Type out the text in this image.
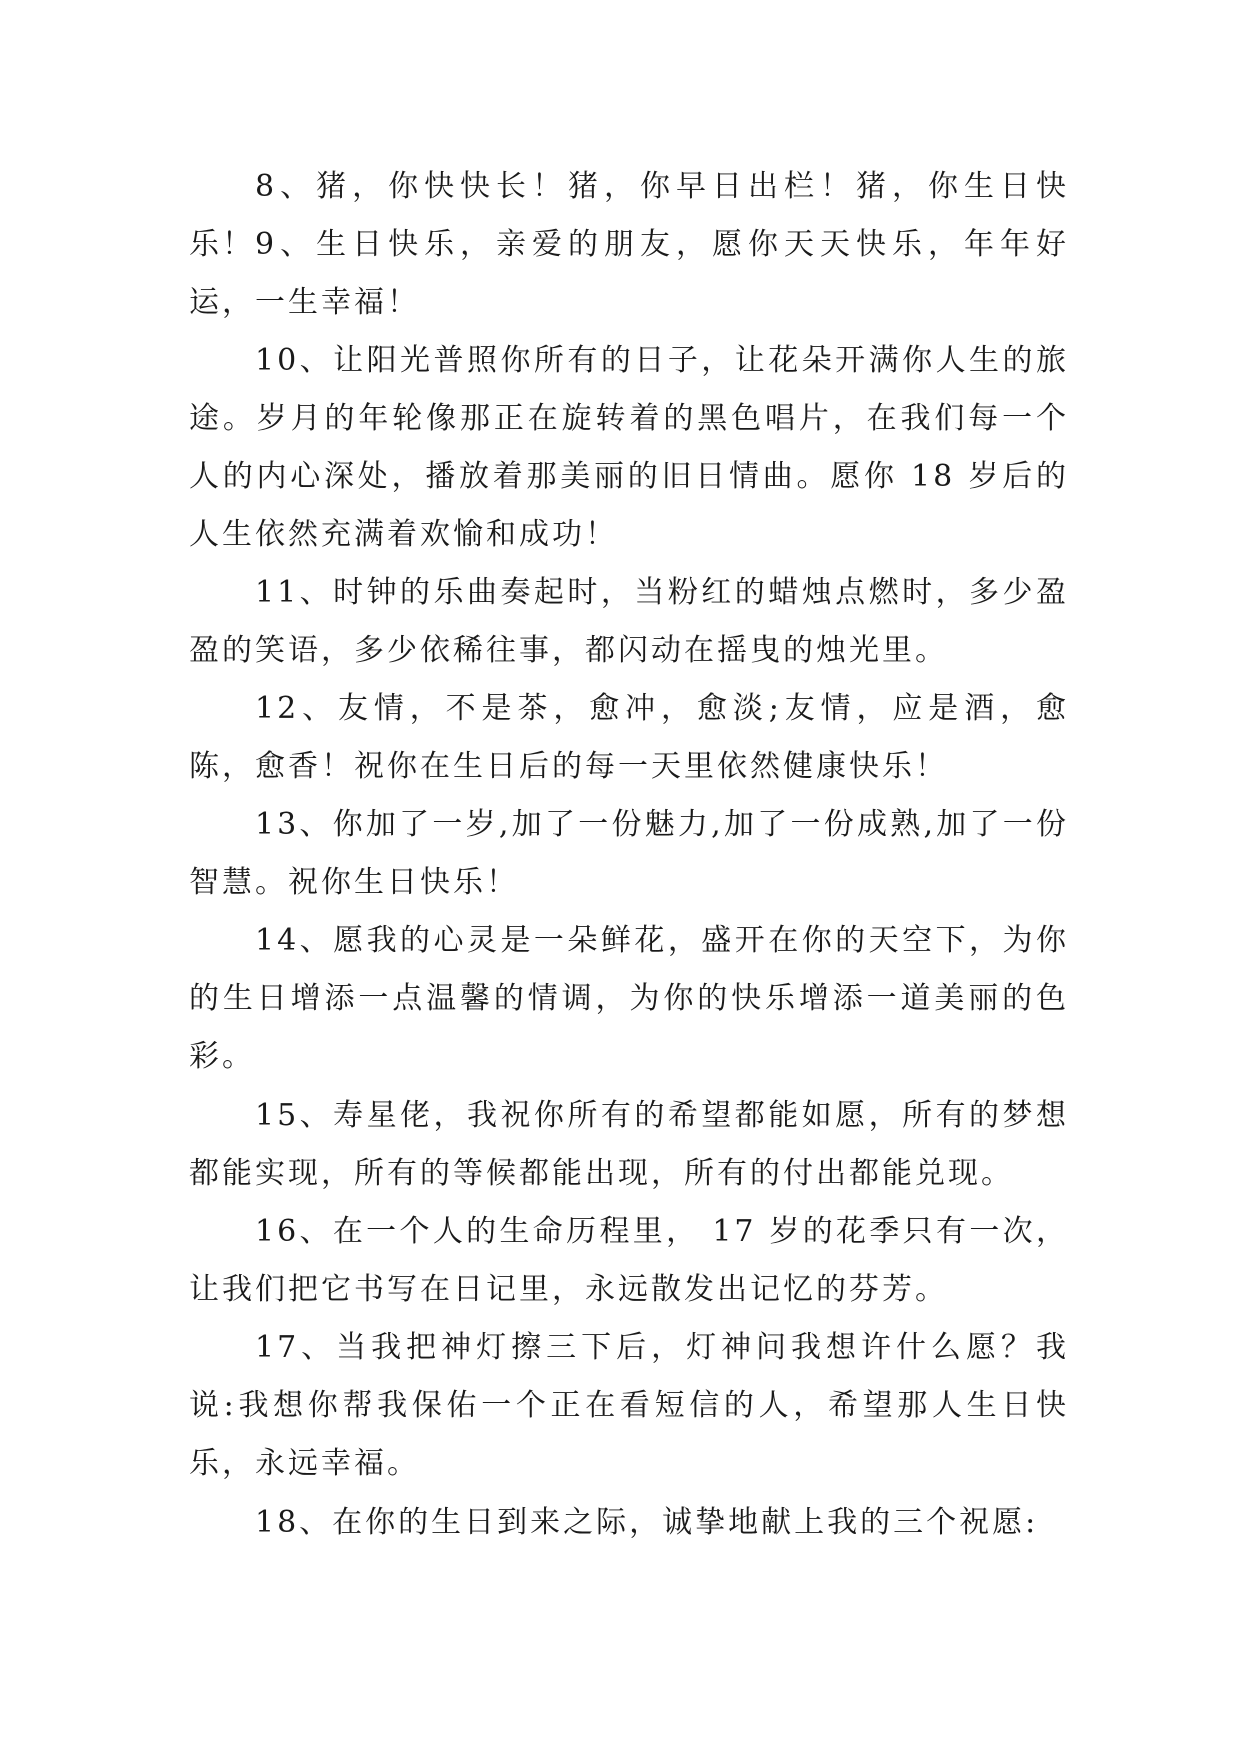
8、猪，你快快长！猪，你早日出栏！猪，你生日快乐！ 9、生日快乐，亲爱的朋友，愿你天天快乐，年年好运，一生幸福！

10、让阳光普照你所有的日子，让花朵开满你人生的旅途。岁月的年轮像那正在旋转着的黑色唱片，在我们每一个人的内心深处，播放着那美丽的旧日情曲。愿你 18 岁后的人生依然充满着欢愉和成功！

11、时钟的乐曲奏起时，当粉红的蜡烛点燃时，多少盈盈的笑语，多少依稀往事，都闪动在摇曳的烛光里。

12、友情，不是茶，愈冲，愈淡;友情，应是酒，愈陈，愈香！祝你在生日后的每一天里依然健康快乐！

13、你加了一岁,加了一份魅力,加了一份成熟,加了一份智慧。祝你生日快乐！

14、愿我的心灵是一朵鲜花，盛开在你的天空下，为你的生日增添一点温馨的情调，为你的快乐增添一道美丽的色彩。

15、寿星佬，我祝你所有的希望都能如愿，所有的梦想都能实现，所有的等候都能出现，所有的付出都能兑现。

16、在一个人的生命历程里， 17 岁的花季只有一次，让我们把它书写在日记里，永远散发出记忆的芬芳。

17、当我把神灯擦三下后，灯神问我想许什么愿？我说:我想你帮我保佑一个正在看短信的人，希望那人生日快乐，永远幸福。

18、在你的生日到来之际，诚挚地献上我的三个祝愿:
